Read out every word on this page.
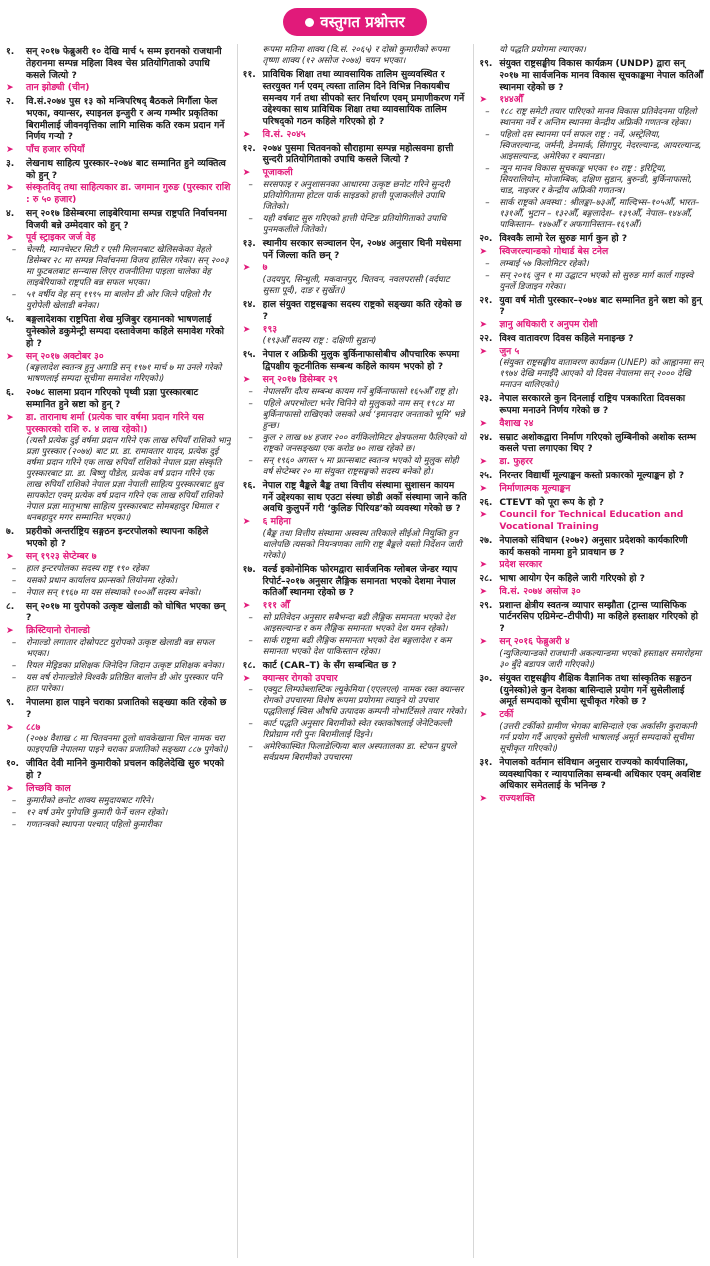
वस्तुगत प्रश्नोत्तर
१.	सन् २०१७ फेब्रुअरी १० देखि मार्च ५ सम्म इरानको राजधानी तेहरानमा सम्पन्न महिला विश्व चेस प्रतियोगिताको उपाधि कसले जित्यो ?
➤	तान झोङ्यी (चीन)
२.	वि.सं.२०७४ पुस १३ को मन्त्रिपरिषद् बैठकले मिर्गौला फेल भएका, क्यान्सर, स्पाइनल इन्जुरी र अन्य गम्भीर प्रकृतिका बिरामीलाई जीवनवृत्तिका लागि मासिक कति रकम प्रदान गर्ने निर्णय गऱ्यो ?
➤	पाँच हजार रुपियाँ
३.	लेखनाथ साहित्य पुरस्कार–२०७४ बाट सम्मानित हुने व्यक्तित्व को हुन् ?
➤	संस्कृतविद् तथा साहित्यकार डा. जगमान गुरुङ (पुरस्कार राशि : रु ५० हजार)
४.	सन् २०१७ डिसेम्बरमा लाइबेरियामा सम्पन्न राष्ट्रपति निर्वाचनमा विजयी बन्ने उम्मेदवार को हुन् ?
➤	पूर्व स्ट्राइकर जर्ज वेह
–	चेल्सी, म्यानचेस्टर सिटी र एसी मिलानबाट खेलिसकेका वेहले डिसेम्बर २८ मा सम्पन्न निर्वाचनमा विजय हासिल गरेका। सन् २००३ मा फुटबलबाट सन्न्यास लिएर राजनीतिमा पाइला चालेका वेह लाइबेरियाको राष्ट्रपति बन्न सफल भएका।
–	५१ वर्षीय वेह सन् १९९५ मा बालोन डी ओर जित्ने पहिलो गैर युरोपेली खेलाडी बनेका।
५.	बङ्गलादेशका राष्ट्रपिता शेख मुजिबुर रहमानको भाषणलाई युनेस्कोले डकुमेन्ट्री सम्पदा दस्तावेजमा कहिले समावेश गरेको हो ?
➤	सन् २०१७ अक्टोबर ३०
(बङ्गलादेश स्वतन्त्र हुनु अगाडि सन् १९७१ मार्च ७ मा उनले गरेको भाषणलाई सम्पदा सूचीमा समावेश गरिएको।)
६.	२०७८ सालमा प्रदान गरिएको पृथ्वी प्रज्ञा पुरस्कारबाट सम्मानित हुने स्रष्टा को हुन् ?
➤	डा. तारानाथ शर्मा (प्रत्येक चार वर्षमा प्रदान गरिने यस पुरस्कारको राशि रु. ४ लाख रहेको।)
(त्यस्तै प्रत्येक दुई वर्षमा प्रदान गरिने एक लाख रुपियाँ राशिको भानु प्रज्ञा पुरस्कार (२०७४) बाट प्रा. डा. रामावतार यादव, प्रत्येक दुई वर्षमा प्रदान गरिने एक लाख रुपियाँ राशिको नेपाल प्रज्ञा संस्कृति पुरस्कारबाट प्रा. डा. बिष्णु पौडेल, प्रत्येक वर्ष प्रदान गरिने एक लाख रुपियाँ राशिको नेपाल प्रज्ञा नेपाली साहित्य पुरस्कारबाट ध्रुव सापकोटा एवम् प्रत्येक वर्ष प्रदान गरिने एक लाख रुपियाँ राशिको नेपाल प्रज्ञा मातृभाषा साहित्य पुरस्कारबाट सोमबहादुर धिमाल र धनबहादुर मगर सम्मानित भएका।)
७.	प्रहरीको अन्तर्राष्ट्रिय सङ्गठन इन्टरपोलको स्थापना कहिले भएको हो ?
➤	सन् १९२३ सेप्टेम्बर ७
–	हाल इन्टरपोलका सदस्य राष्ट्र १९० रहेका
–	यसको प्रधान कार्यालय फ्रान्सको लियोनमा रहेको।
–	नेपाल सन् १९६७ मा यस संस्थाको १००औँ सदस्य बनेको।
८.	सन् २०१७ मा युरोपको उत्कृष्ट खेलाडी को घोषित भएका छन् ?
➤	क्रिस्टियानो रोनाल्डो
–	रोनाल्डो लगातार दोस्रोपटट युरोपको उत्कृष्ट खेलाडी बन्न सफल भएका।
–	रियल मेड्रिडका प्रशिक्षक जिनेदिन जिदान उत्कृष्ट प्रशिक्षक बनेका।
–	यस वर्ष रोनाल्डोले विश्वकै प्रतिष्ठित बालोन डी ओर पुरस्कार पनि हात पारेका।
९.	नेपालमा हाल पाइने चराका प्रजातिको सङ्ख्या कति रहेको छ ?
➤	८८७
(२०७४ वैशाख ८ मा चितवनमा ठूलो धावकेखाना चिल नामक चरा फाइएपछि नेपालमा पाइने चराका प्रजातिको सङ्ख्या ८८७ पुगेको।)
१०. जीवित देवी मानिने कुमारीको प्रचलन कहिलेदेखि सुरु भएको हो ?
➤	लिच्छवि काल
–	कुमारीको छनोट शाक्य समुदायबाट गरिने।
–	१२ वर्ष उमेर पुगेपछि कुमारी फेर्ने चलन रहेको।
–	गणतन्त्रको स्थापना पश्चात् पहिलो कुमारीका
रूपमा मतिना शाक्य (वि.सं. २०६५) र दोस्रो कुमारीको रूपमा तृष्णा शाक्य (१२ असोज २०७४) चयन भएका।
११. प्राविधिक शिक्षा तथा व्यावसायिक तालिम सुव्यवस्थित र स्तरयुक्त गर्न एवम् त्यस्ता तालिम दिने विभिन्न निकायबीच समन्वय गर्न तथा सीपको स्तर निर्धारण एवम् प्रमाणीकरण गर्ने उद्देश्यका साथ प्राविधिक शिक्षा तथा व्यावसायिक तालिम परिषद्को गठन कहिले गरिएको हो ?
➤	वि.सं. २०४५
१२. २०७४ पुसमा चितवनको सौराहामा सम्पन्न महोत्सवमा हात्ती सुन्दरी प्रतियोगिताको उपाधि कसले जित्यो ?
➤	पूजाकली
–	सरसफाइ र अनुशासनका आधारमा उत्कृष्ट छनोट गरिने सुन्दरी प्रतियोगितामा होटल पार्क साइडको हात्ती पूजाकलीले उपाधि जितेको।
–	यही वर्षबाट सुरु गरिएको हात्ती पेन्टिङ प्रतियोगिताको उपाधि पुनमकलीले जितेको।
१३. स्थानीय सरकार सञ्चालन ऐन, २०७४ अनुसार थिनी मधेसमा पर्ने जिल्ला कति छन् ?
➤	७
(उदयपुर, सिन्धुली, मकवानपुर, चितवन, नवलपरासी (वर्दघाट सुस्ता पूर्व), दाङ र सुर्खेत।)
१४. हाल संयुक्त राष्ट्रसङ्घका सदस्य राष्ट्रको सङ्ख्या कति रहेको छ ?
➤	१९३
(१९३औँ सदस्य राष्ट्र : दक्षिणी सुडान)
१५. नेपाल र अफ्रिकी मुलुक बुर्किनाफासोबीच औपचारिक रूपमा द्विपक्षीय कूटनीतिक सम्बन्ध कहिले कायम भएको हो ?
➤	सन् २०१७ डिसेम्बर २९
–	नेपालसँग दौत्य सम्बन्ध कायम गर्ने बुर्किनाफासो १६५औँ राष्ट्र हो।
–	पहिले अपरभोल्टा भनेर चिनिने यो मुलुकको नाम सन् १९८४ मा बुर्किनाफासो राखिएको जसको अर्थ ‘इमानदार जनताको भूमि’ भन्ने हुन्छ।
–	कुल २ लाख ७४ हजार २०० वर्गकिलोमिटर क्षेत्रफलमा फैलिएको यो राष्ट्रको जनसङ्ख्या एक करोड ७० लाख रहेको छ।
–	सन् १९६० अगस्त ५ मा फ्रान्सबाट स्वतन्त्र भएको यो मुलुक सोही वर्ष सेप्टेम्बर २० मा संयुक्त राष्ट्रसङ्घको सदस्य बनेको हो।
१६. नेपाल राष्ट्र बैङ्कले बैङ्क तथा वित्तीय संस्थामा सुशासन कायम गर्ने उद्देश्यका साथ एउटा संस्था छोडी अर्को संस्थामा जाने कति अवधि कुलुपर्ने गरी ‘कुलिङ पिरियड’को व्यवस्था गरेको छ ?
➤	६ महिना
(बैङ्क तथा वित्तीय संस्थामा अस्वस्थ तरिकाले सीईओ नियुक्ति हुन थालेपछि त्यसको नियन्त्रणका लागि राष्ट्र बैङ्कले यस्तो निर्देशन जारी गरेको।)
१७. वर्ल्ड इकोनोमिक फोरमद्वारा सार्वजनिक ग्लोबल जेन्डर ग्याप रिपोर्ट–२०१७ अनुसार लैङ्गिक समानता भएको देशमा नेपाल कतिऔँ स्थानमा रहेको छ ?
➤	१११ औँ
–	सो प्रतिवेदन अनुसार सबैभन्दा बढी लैङ्गिक समानता भएको देश आइसल्यान्ड र कम लैङ्गिक समानता भएको देश यमन रहेको।
–	सार्क राष्ट्रमा बढी लैङ्गिक समानता भएको देश बङ्गलादेश र कम समानता भएको देश पाकिस्तान रहेका।
१८. कार्ट (CAR–T) के सँग सम्बन्धित छ ?
➤	क्यान्सर रोगको उपचार
–	एक्युट लिम्फोब्लास्टिक ल्युकेमिया (एएलएल) नामक रक्त क्यान्सर रोगको उपचारमा विशेष रूपमा प्रयोगमा ल्याइने यो उपचार पद्धतिलाई स्विस औषधि उत्पादक कम्पनी नोभार्टिसले तयार गरेको।
–	कार्ट पद्धति अनुसार बिरामीको स्वेत रक्तकोषलाई जेनेटिकल्ली रिप्रोग्राम गरी पुनः बिरामीलाई दिइने।
–	अमेरिकास्थित फिलाडेल्फिया बाल अस्पतालका डा. स्टेफन ग्रुपले सर्वप्रथम बिरामीको उपचारमा
यो पद्धति प्रयोगमा ल्याएका।
१९. संयुक्त राष्ट्रसङ्घीय विकास कार्यक्रम (UNDP) द्वारा सन् २०१७ मा सार्वजनिक मानव विकास सूचकाङ्कमा नेपाल कतिऔँ स्थानमा रहेको छ ?
➤	१४४औँ
–	१८८ राष्ट्र समेटी तयार पारिएको मानव विकास प्रतिवेदनमा पहिलो स्थानमा नर्वे र अन्तिम स्थानमा केन्द्रीय अफ्रिकी गणतन्त्र रहेका।
–	पहिलो दस स्थानमा पर्न सफल राष्ट्र : नर्वे, अस्ट्रेलिया, स्विजरल्यान्ड, जर्मनी, डेनमार्क, सिंगापुर, नेदरल्यान्ड, आयरल्यान्ड, आइसल्यान्ड, अमेरिका र क्यानडा।
–	न्यून मानव विकास सूचकाङ्क भएका १० राष्ट्र : इरिट्रिया, सियरालियोन, मोजाम्बिक, दक्षिण सुडान, बुरुन्डी, बुर्किनाफासो, चाड, नाइजर र केन्द्रीय अफ्रिकी गणतन्त्र।
–	सार्क राष्ट्रको अवस्था : श्रीलङ्का–७३औँ, माल्दिभ्स–१०५औँ, भारत–१३१औँ, भुटान – १३२औँ, बङ्गलादेश– १३९औँ, नेपाल–१४४औँ, पाकिस्तान– १४७औँ र अफगानिस्तान–१६९औँ।
२०. विश्वकै लामो रेल सुरुङ मार्ग कुन हो ?
➤	स्विजरल्यान्डको गोथार्ड बेस टनेल
–	लम्बाई ५७ किलोमिटर रहेको।
–	सन् २०१६ जुन १ मा उद्घाटन भएको सो सुरुङ मार्ग कार्ल गाइस्वे युनर्ले डिजाइन गरेका।
२१. युवा वर्ष मोती पुरस्कार–२०७४ बाट सम्मानित हुने स्रष्टा को हुन् ?
➤	ज्ञानु अधिकारी र अनुपम रोशी
२२. विश्व वातावरण दिवस कहिले मनाइन्छ ?
➤	जुन ५
(संयुक्त राष्ट्रसङ्घीय वातावरण कार्यक्रम (UNEP) को आह्वानमा सन् १९७४ देखि मनाइँदै आएको यो दिवस नेपालमा सन् २००० देखि मनाउन थालिएको।)
२३. नेपाल सरकारले कुन दिनलाई राष्ट्रिय पत्रकारिता दिवसका रूपमा मनाउने निर्णय गरेको छ ?
➤	वैशाख २४
२४. सम्राट अशोकद्वारा निर्माण गरिएको लुम्बिनीको अशोक स्तम्भ कसले पत्ता लगाएका थिए ?
➤	डा. फुहरर
२५. निरन्तर विद्यार्थी मूल्याङ्कन कस्तो प्रकारको मूल्याङ्कन हो ?
➤	निर्माणात्मक मूल्याङ्कन
२६. CTEVT को पूरा रूप के हो ?
➤	Council for Technical Education and Vocational Training
२७. नेपालको संविधान (२०७२) अनुसार प्रदेशको कार्यकारिणी कार्य कसको नाममा हुने प्रावधान छ ?
➤	प्रदेश सरकार
२८. भाषा आयोग ऐन कहिले जारी गरिएको हो ?
➤	वि.सं. २०७४ असोज ३०
२९. प्रशान्त क्षेत्रीय स्वतन्त्र व्यापार सम्झौता (ट्रान्स प्यासिफिक पार्टनरसिप एग्रिमेन्ट–टीपीपी) मा कहिले हस्ताक्षर गरिएको हो ?
➤	सन् २०१६ फेब्रुअरी ४
(न्युजिल्यान्डको राजधानी अकल्यान्डमा भएको हस्ताक्षर समारोहमा ३० बुँदे बडापत्र जारी गरिएको।)
३०. संयुक्त राष्ट्रसङ्घीय शैक्षिक वैज्ञानिक तथा सांस्कृतिक सङ्गठन (युनेस्को)ले कुन देशका बासिन्दाले प्रयोग गर्ने सुसेलीलाई अमूर्त सम्पदाको सूचीमा सूचीकृत गरेको छ ?
➤	टर्की
(उत्तरी टर्कीको ग्रामीण भेगका बासिन्दाले एक अर्कासँग कुराकानी गर्न प्रयोग गर्दै आएको सुसेली भाषालाई अमूर्त सम्पदाको सूचीमा सूचीकृत गरिएको।)
३१. नेपालको वर्तमान संविधान अनुसार राज्यको कार्यपालिका, व्यवस्थापिका र न्यायपालिका सम्बन्धी अधिकार एवम् अवशिष्ट अधिकार समेतलाई के भनिन्छ ?
➤	राज्यशक्ति
